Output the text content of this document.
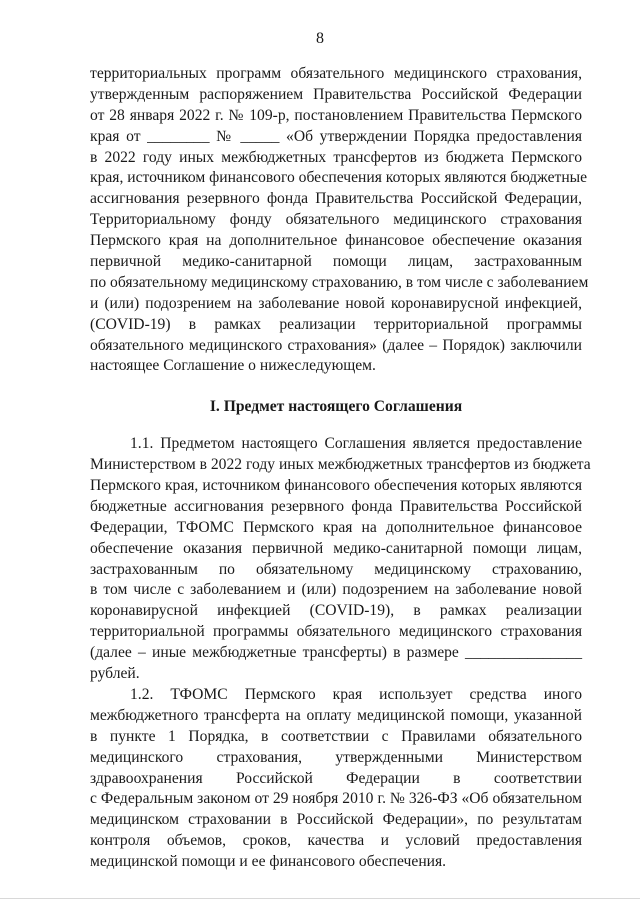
8
территориальных программ обязательного медицинского страхования,
утвержденным распоряжением Правительства Российской Федерации
от 28 января 2022 г. № 109-р, постановлением Правительства Пермского
края от ________ № _____ «Об утверждении Порядка предоставления
в 2022 году иных межбюджетных трансфертов из бюджета Пермского
края, источником финансового обеспечения которых являются бюджетные
ассигнования резервного фонда Правительства Российской Федерации,
Территориальному фонду обязательного медицинского страхования
Пермского края на дополнительное финансовое обеспечение оказания
первичной медико-санитарной помощи лицам, застрахованным
по обязательному медицинскому страхованию, в том числе с заболеванием
и (или) подозрением на заболевание новой коронавирусной инфекцией,
(COVID-19) в рамках реализации территориальной программы
обязательного медицинского страхования» (далее – Порядок) заключили
настоящее Соглашение о нижеследующем.
I. Предмет настоящего Соглашения
1.1. Предметом настоящего Соглашения является предоставление
Министерством в 2022 году иных межбюджетных трансфертов из бюджета
Пермского края, источником финансового обеспечения которых являются
бюджетные ассигнования резервного фонда Правительства Российской
Федерации, ТФОМС Пермского края на дополнительное финансовое
обеспечение оказания первичной медико-санитарной помощи лицам,
застрахованным по обязательному медицинскому страхованию,
в том числе с заболеванием и (или) подозрением на заболевание новой
коронавирусной инфекцией (COVID-19), в рамках реализации
территориальной программы обязательного медицинского страхования
(далее – иные межбюджетные трансферты) в размере _______________
рублей.
1.2. ТФОМС Пермского края использует средства иного
межбюджетного трансферта на оплату медицинской помощи, указанной
в пункте 1 Порядка, в соответствии с Правилами обязательного
медицинского страхования, утвержденными Министерством
здравоохранения Российской Федерации в соответствии
с Федеральным законом от 29 ноября 2010 г. № 326-ФЗ «Об обязательном
медицинском страховании в Российской Федерации», по результатам
контроля объемов, сроков, качества и условий предоставления
медицинской помощи и ее финансового обеспечения.
